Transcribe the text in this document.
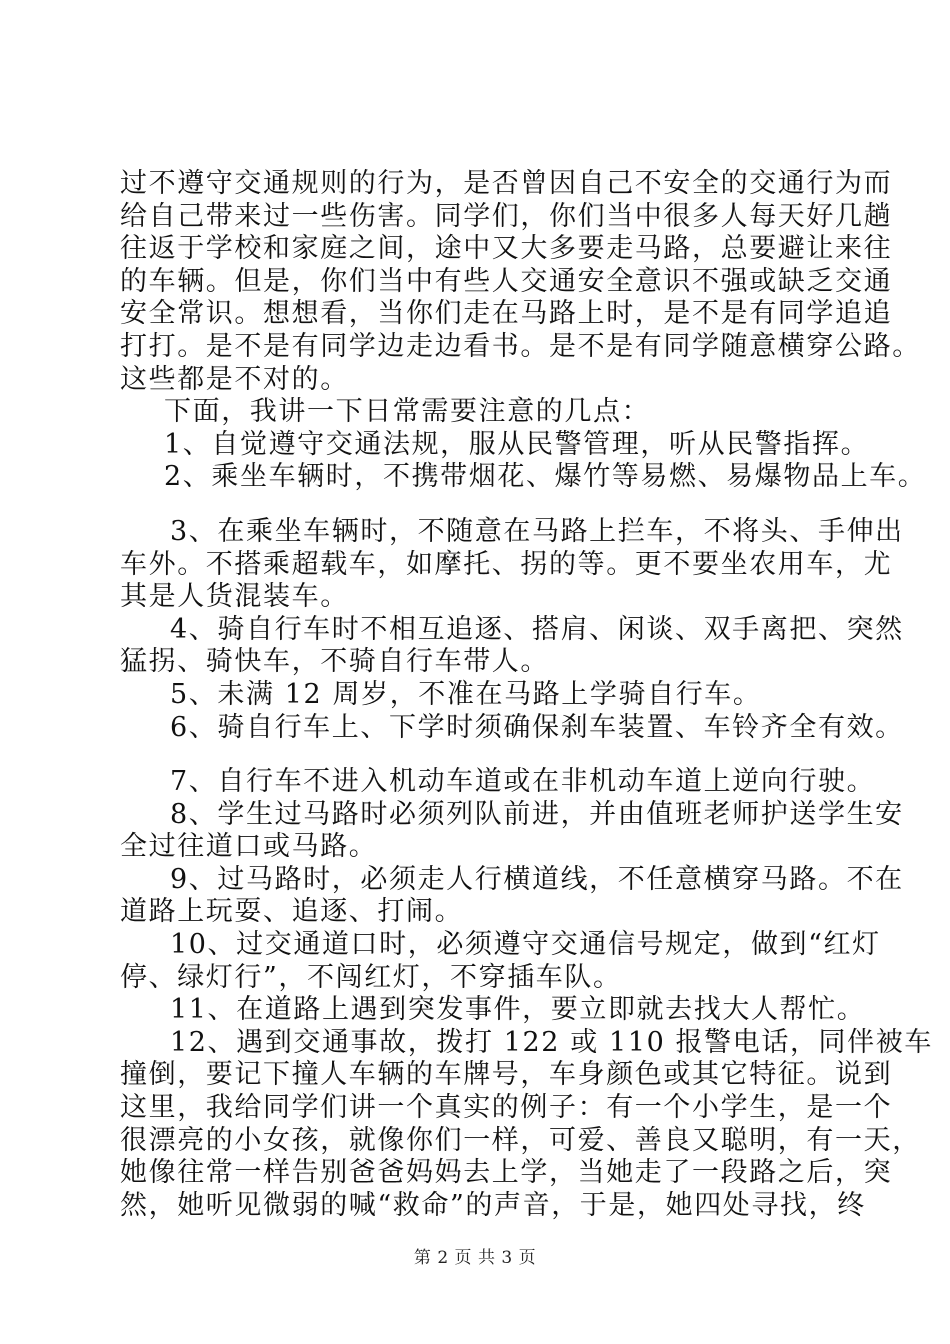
过不遵守交通规则的行为，是否曾因自己不安全的交通行为而
给自己带来过一些伤害。同学们，你们当中很多人每天好几趟
往返于学校和家庭之间，途中又大多要走马路，总要避让来往
的车辆。但是，你们当中有些人交通安全意识不强或缺乏交通
安全常识。想想看，当你们走在马路上时，是不是有同学追追
打打。是不是有同学边走边看书。是不是有同学随意横穿公路。
这些都是不对的。
下面，我讲一下日常需要注意的几点：
1、自觉遵守交通法规，服从民警管理，听从民警指挥。
2、乘坐车辆时，不携带烟花、爆竹等易燃、易爆物品上车。
3、在乘坐车辆时，不随意在马路上拦车，不将头、手伸出
车外。不搭乘超载车，如摩托、拐的等。更不要坐农用车，尤
其是人货混装车。
4、骑自行车时不相互追逐、搭肩、闲谈、双手离把、突然
猛拐、骑快车，不骑自行车带人。
5、未满 12 周岁，不准在马路上学骑自行车。
6、骑自行车上、下学时须确保刹车装置、车铃齐全有效。
7、自行车不进入机动车道或在非机动车道上逆向行驶。
8、学生过马路时必须列队前进，并由值班老师护送学生安
全过往道口或马路。
9、过马路时，必须走人行横道线，不任意横穿马路。不在
道路上玩耍、追逐、打闹。
10、过交通道口时，必须遵守交通信号规定，做到“红灯
停、绿灯行”，不闯红灯，不穿插车队。
11、在道路上遇到突发事件，要立即就去找大人帮忙。
12、遇到交通事故，拨打 122 或 110 报警电话，同伴被车
撞倒，要记下撞人车辆的车牌号，车身颜色或其它特征。说到
这里，我给同学们讲一个真实的例子：有一个小学生，是一个
很漂亮的小女孩，就像你们一样，可爱、善良又聪明，有一天，
她像往常一样告别爸爸妈妈去上学，当她走了一段路之后，突
然，她听见微弱的喊“救命”的声音，于是，她四处寻找，终
第 2 页 共 3 页
